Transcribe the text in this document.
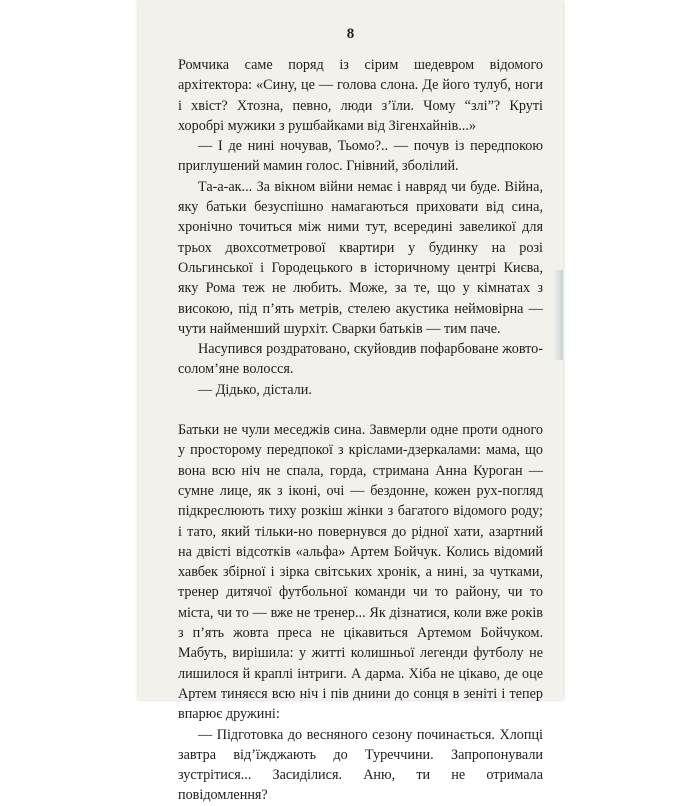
8

Ромчика саме поряд із сірим шедевром відомого архітектора: «Сину, це — голова слона. Де його тулуб, ноги і хвіст? Хтозна, певно, люди з’їли. Чому “злі”? Круті хоробрі мужики з рушбайками від Зігенхайнів...»

— І де нині ночував, Тьомо?.. — почув із передпокою приглушений мамин голос. Гнівний, зболілий.

Та-а-ак... За вікном війни немає і навряд чи буде. Війна, яку батьки безуспішно намагаються приховати від сина, хронічно точиться між ними тут, всередині завеликої для трьох двохсотметрової квартири у будинку на розі Ольгинської і Городецького в історичному центрі Києва, яку Рома теж не любить. Може, за те, що у кімнатах з високою, під п’ять метрів, стелею акустика неймовірна — чути найменший шурхіт. Сварки батьків — тим паче.

Насупився роздратовано, скуйовдив пофарбоване жовто-солом’яне волосся.

— Дідько, дістали.

Батьки не чули меседжів сина. Завмерли одне проти одного у просторому передпокої з кріслами-дзеркалами: мама, що вона всю ніч не спала, горда, стримана Анна Куроган — сумне лице, як з іконі, очі — бездонне, кожен рух-погляд підкреслюють тиху розкіш жінки з багатого відомого роду; і тато, який тільки-но повернувся до рідної хати, азартний на двісті відсотків «альфа» Артем Бойчук. Колись відомий хавбек збірної і зірка світських хронік, а нині, за чутками, тренер дитячої футбольної команди чи то району, чи то міста, чи то — вже не тренер... Як дізнатися, коли вже років з п’ять жовта преса не цікавиться Артемом Бойчуком. Мабуть, вирішила: у житті колишньої легенди футболу не лишилося й краплі інтриги. А дарма. Хіба не цікаво, де оце Артем тиняєся всю ніч і пів днини до сонця в зеніті і тепер впарює дружині:

— Підготовка до весняного сезону починається. Хлопці завтра від’їжджають до Туреччини. Запропонували зустрітися... Засиділися. Аню, ти не отримала повідомлення?
